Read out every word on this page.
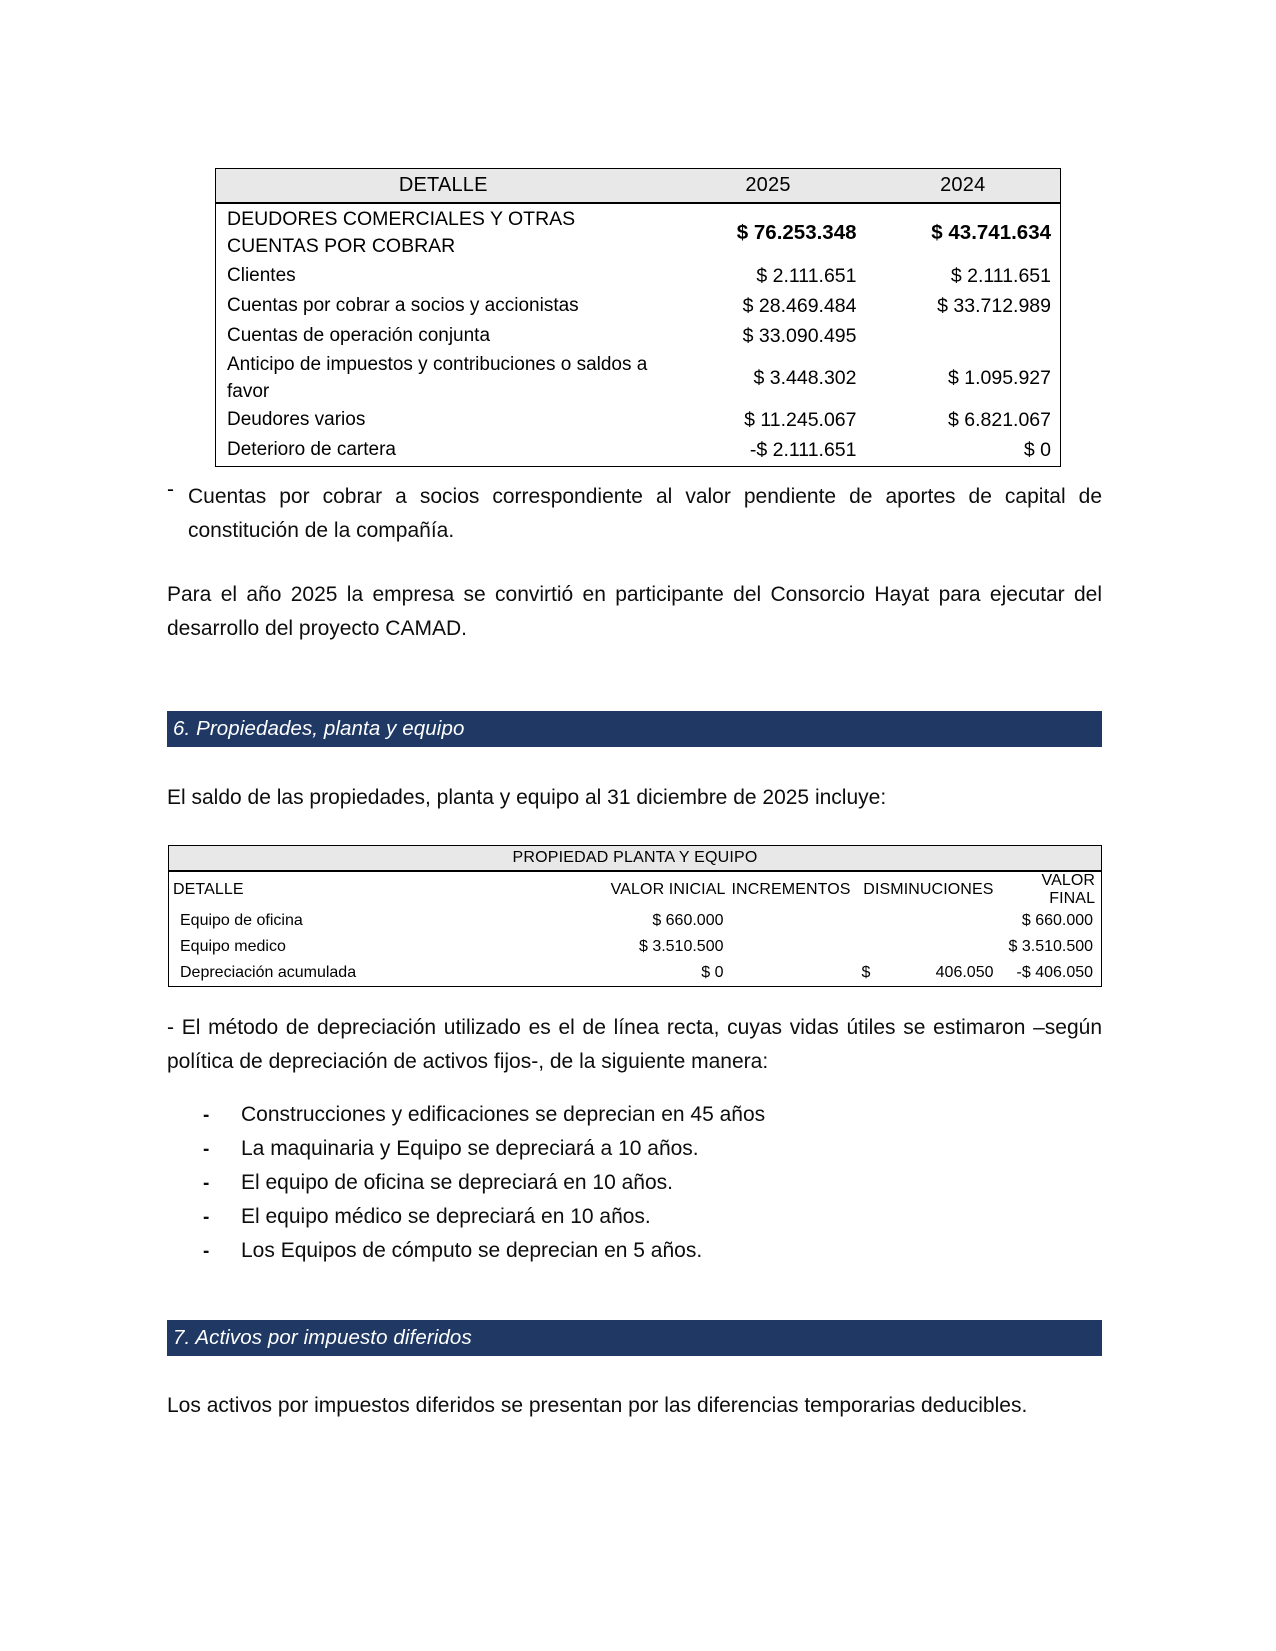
DETALLE	2025	2024
DEUDORES COMERCIALES Y OTRAS CUENTAS POR COBRAR	$ 76.253.348	$ 43.741.634
Clientes	$ 2.111.651	$ 2.111.651
Cuentas por cobrar a socios y accionistas	$ 28.469.484	$ 33.712.989
Cuentas de operación conjunta	$ 33.090.495	
Anticipo de impuestos y contribuciones o saldos a favor	$ 3.448.302	$ 1.095.927
Deudores varios	$ 11.245.067	$ 6.821.067
Deterioro de cartera	-$ 2.111.651	$ 0
- Cuentas por cobrar a socios correspondiente al valor pendiente de aportes de capital de constitución de la compañía.
Para el año 2025 la empresa se convirtió en participante del Consorcio Hayat para ejecutar del desarrollo del proyecto CAMAD.
6. Propiedades, planta y equipo
El saldo de las propiedades, planta y equipo al 31 diciembre de 2025 incluye:
PROPIEDAD PLANTA Y EQUIPO				
DETALLE	VALOR INICIAL	INCREMENTOS	DISMINUCIONES	VALOR FINAL
Equipo de oficina	$ 660.000			$ 660.000
Equipo medico	$ 3.510.500			$ 3.510.500
Depreciación acumulada	$ 0		$ 406.050	-$ 406.050
- El método de depreciación utilizado es el de línea recta, cuyas vidas útiles se estimaron –según política de depreciación de activos fijos-, de la siguiente manera:
-	Construcciones y edificaciones se deprecian en 45 años
-	La maquinaria y Equipo se depreciará a 10 años.
-	El equipo de oficina se depreciará en 10 años.
-	El equipo médico se depreciará en 10 años.
-	Los Equipos de cómputo se deprecian en 5 años.
7. Activos por impuesto diferidos
Los activos por impuestos diferidos se presentan por las diferencias temporarias deducibles.
